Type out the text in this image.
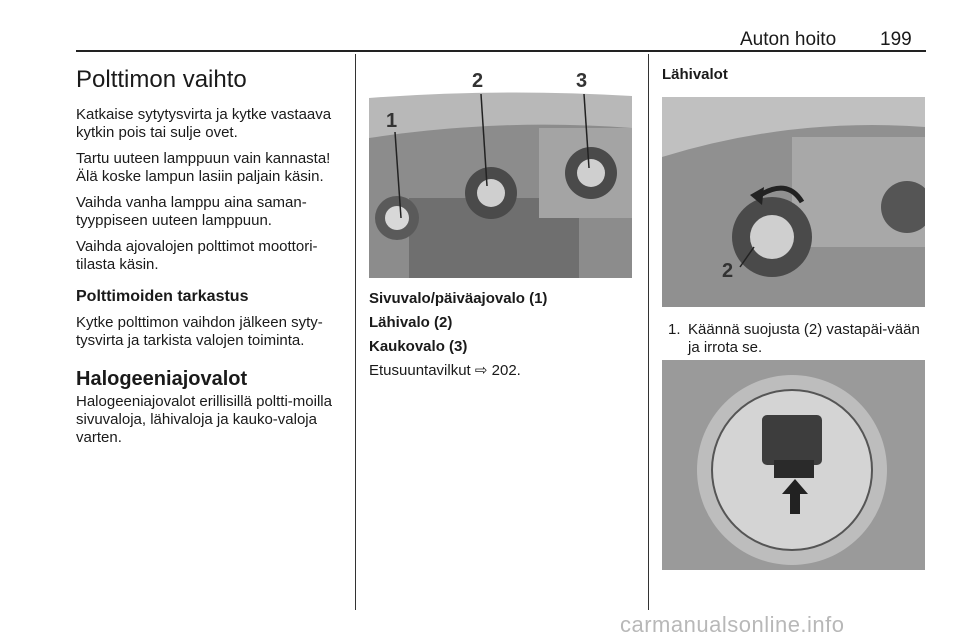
Auton hoito 199
Polttimon vaihto

Katkaise sytytysvirta ja kytke vastaava kytkin pois tai sulje ovet.

Tartu uuteen lamppuun vain kannasta! Älä koske lampun lasiin paljain käsin.

Vaihda vanha lamppu aina saman-tyyppiseen uuteen lamppuun.

Vaihda ajovalojen polttimot moottori-tilasta käsin.

Polttimoiden tarkastus

Kytke polttimon vaihdon jälkeen syty-tysvirta ja tarkista valojen toiminta.

Halogeeniajovalot

Halogeeniajovalot erillisillä poltti-moilla sivuvaloja, lähivaloja ja kauko-valoja varten.

1
2	3
Sivuvalo/päiväajovalo (1)
Lähivalo (2)
Kaukovalo (3)

Etusuuntavilkut ⇨ 202.

Lähivalot
2
1. Käännä suojusta (2) vastapäi-vään ja irrota se.

carmanualsonline.info
